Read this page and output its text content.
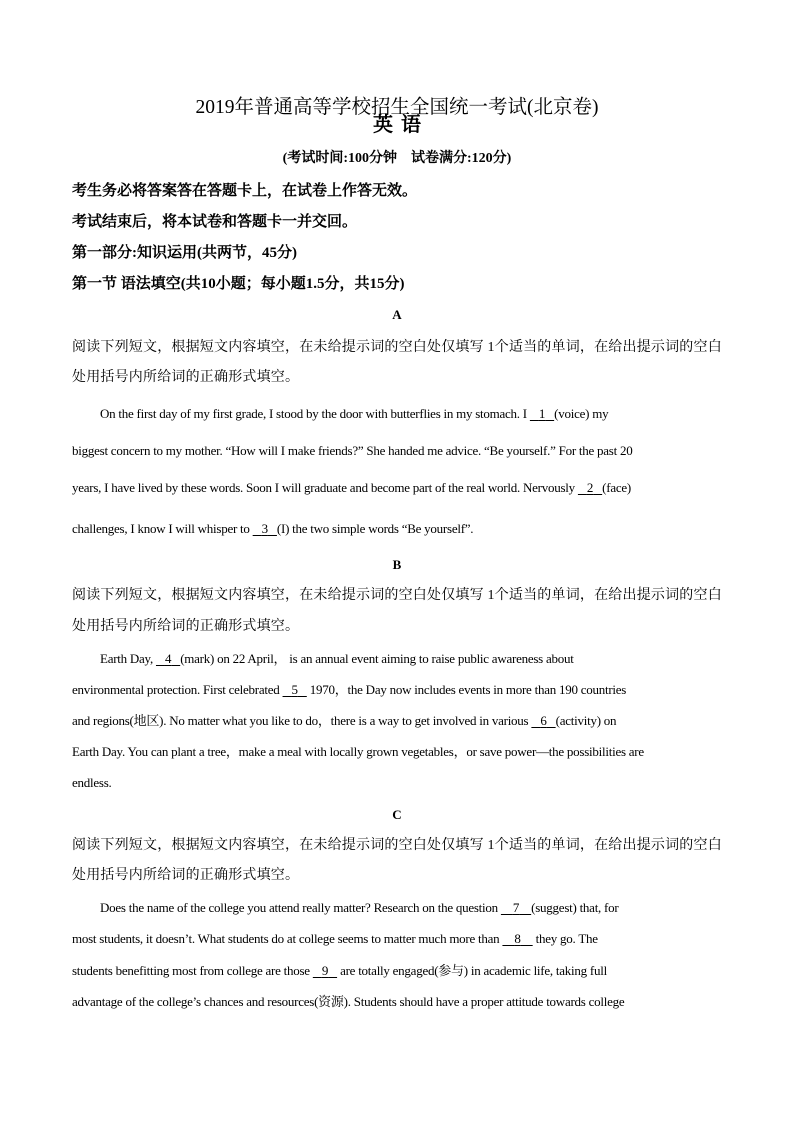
2019年普通高等学校招生全国统一考试(北京卷)
英语
(考试时间:100分钟　试卷满分:120分)
考生务必将答案答在答题卡上，在试卷上作答无效。
考试结束后，将本试卷和答题卡一并交回。
第一部分:知识运用(共两节，45分)
第一节 语法填空(共10小题；每小题1.5分，共15分)
A
阅读下列短文，根据短文内容填空，在未给提示词的空白处仅填写 1个适当的单词，在给出提示词的空白
处用括号内所给词的正确形式填空。
On the first day of my first grade, I stood by the door with butterflies in my stomach. I    1 (voice) my
biggest concern to my mother. “How will I make friends?” She handed me advice. “Be yourself.” For the past 20
years, I have lived by these words. Soon I will graduate and become part of the real world. Nervously    2 (face)
challenges, I know I will whisper to    3 (I) the two simple words “Be yourself”.
B
阅读下列短文，根据短文内容填空，在未给提示词的空白处仅填写 1个适当的单词，在给出提示词的空白
处用括号内所给词的正确形式填空。
Earth Day,    4 (mark) on 22 April， is an annual event aiming to raise public awareness about
environmental protection. First celebrated    5    1970，the Day now includes events in more than 190 countries
and regions(地区). No matter what you like to do，there is a way to get involved in various    6 (activity) on
Earth Day. You can plant a tree，make a meal with locally grown vegetables，or save power—the possibilities are
endless.
C
阅读下列短文，根据短文内容填空，在未给提示词的空白处仅填写 1个适当的单词，在给出提示词的空白
处用括号内所给词的正确形式填空。
Does the name of the college you attend really matter? Research on the question     7 (suggest) that, for
most students, it doesn’t. What students do at college seems to matter much more than     8     they go. The
students benefitting most from college are those    9    are totally engaged(参与) in academic life, taking full
advantage of the college’s chances and resources(资源). Students should have a proper attitude towards college
